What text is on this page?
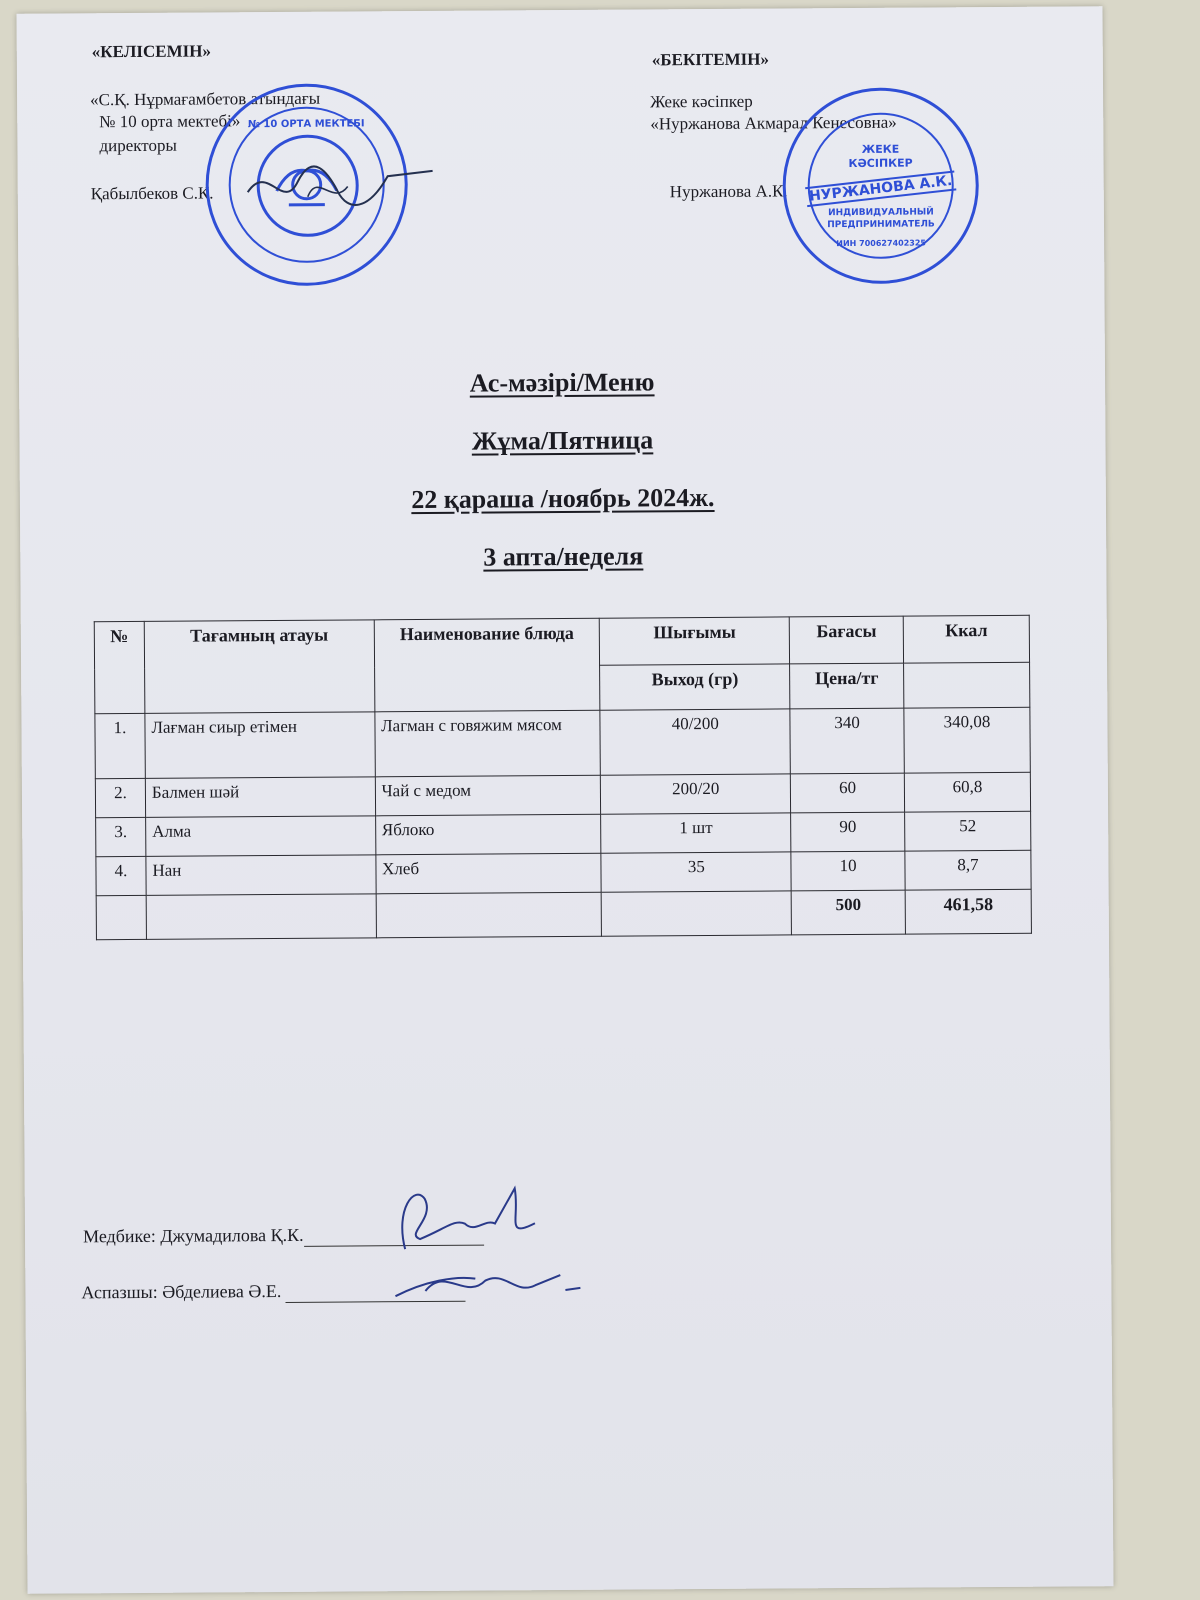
«КЕЛІСЕМІН»
«С.Қ. Нұрмағамбетов атындағы
№ 10 орта мектебі»
директоры
Қабылбеков С.К.
«БЕКІТЕМІН»
Жеке кәсіпкер
«Нуржанова Акмарал Кенесовна»
Нуржанова А.К.
№ 10 ОРТА МЕКТЕБІ
ЖЕКЕ
КӘСІПКЕР
НУРЖАНОВА А.К.
ИНДИВИДУАЛЬНЫЙ
ПРЕДПРИНИМАТЕЛЬ
ИИН 700627402325

Ас-мәзірі/Меню

Жұма/Пятница

22 қараша /ноябрь 2024ж.

3 апта/неделя

№	Тағамның атауы	Наименование блюда	Шығымы	Бағасы	Ккал
			Выход (гр)	Цена/тг	
1.	Лағман сиыр етімен	Лагман с говяжим мясом	40/200	340	340,08
2.	Балмен шәй	Чай с медом	200/20	60	60,8
3.	Алма	Яблоко	1 шт	90	52
4.	Нан	Хлеб	35	10	8,7
				500	461,58
Медбике: Джумадилова Қ.К.
Аспазшы: Әбделиева Ә.Е.
